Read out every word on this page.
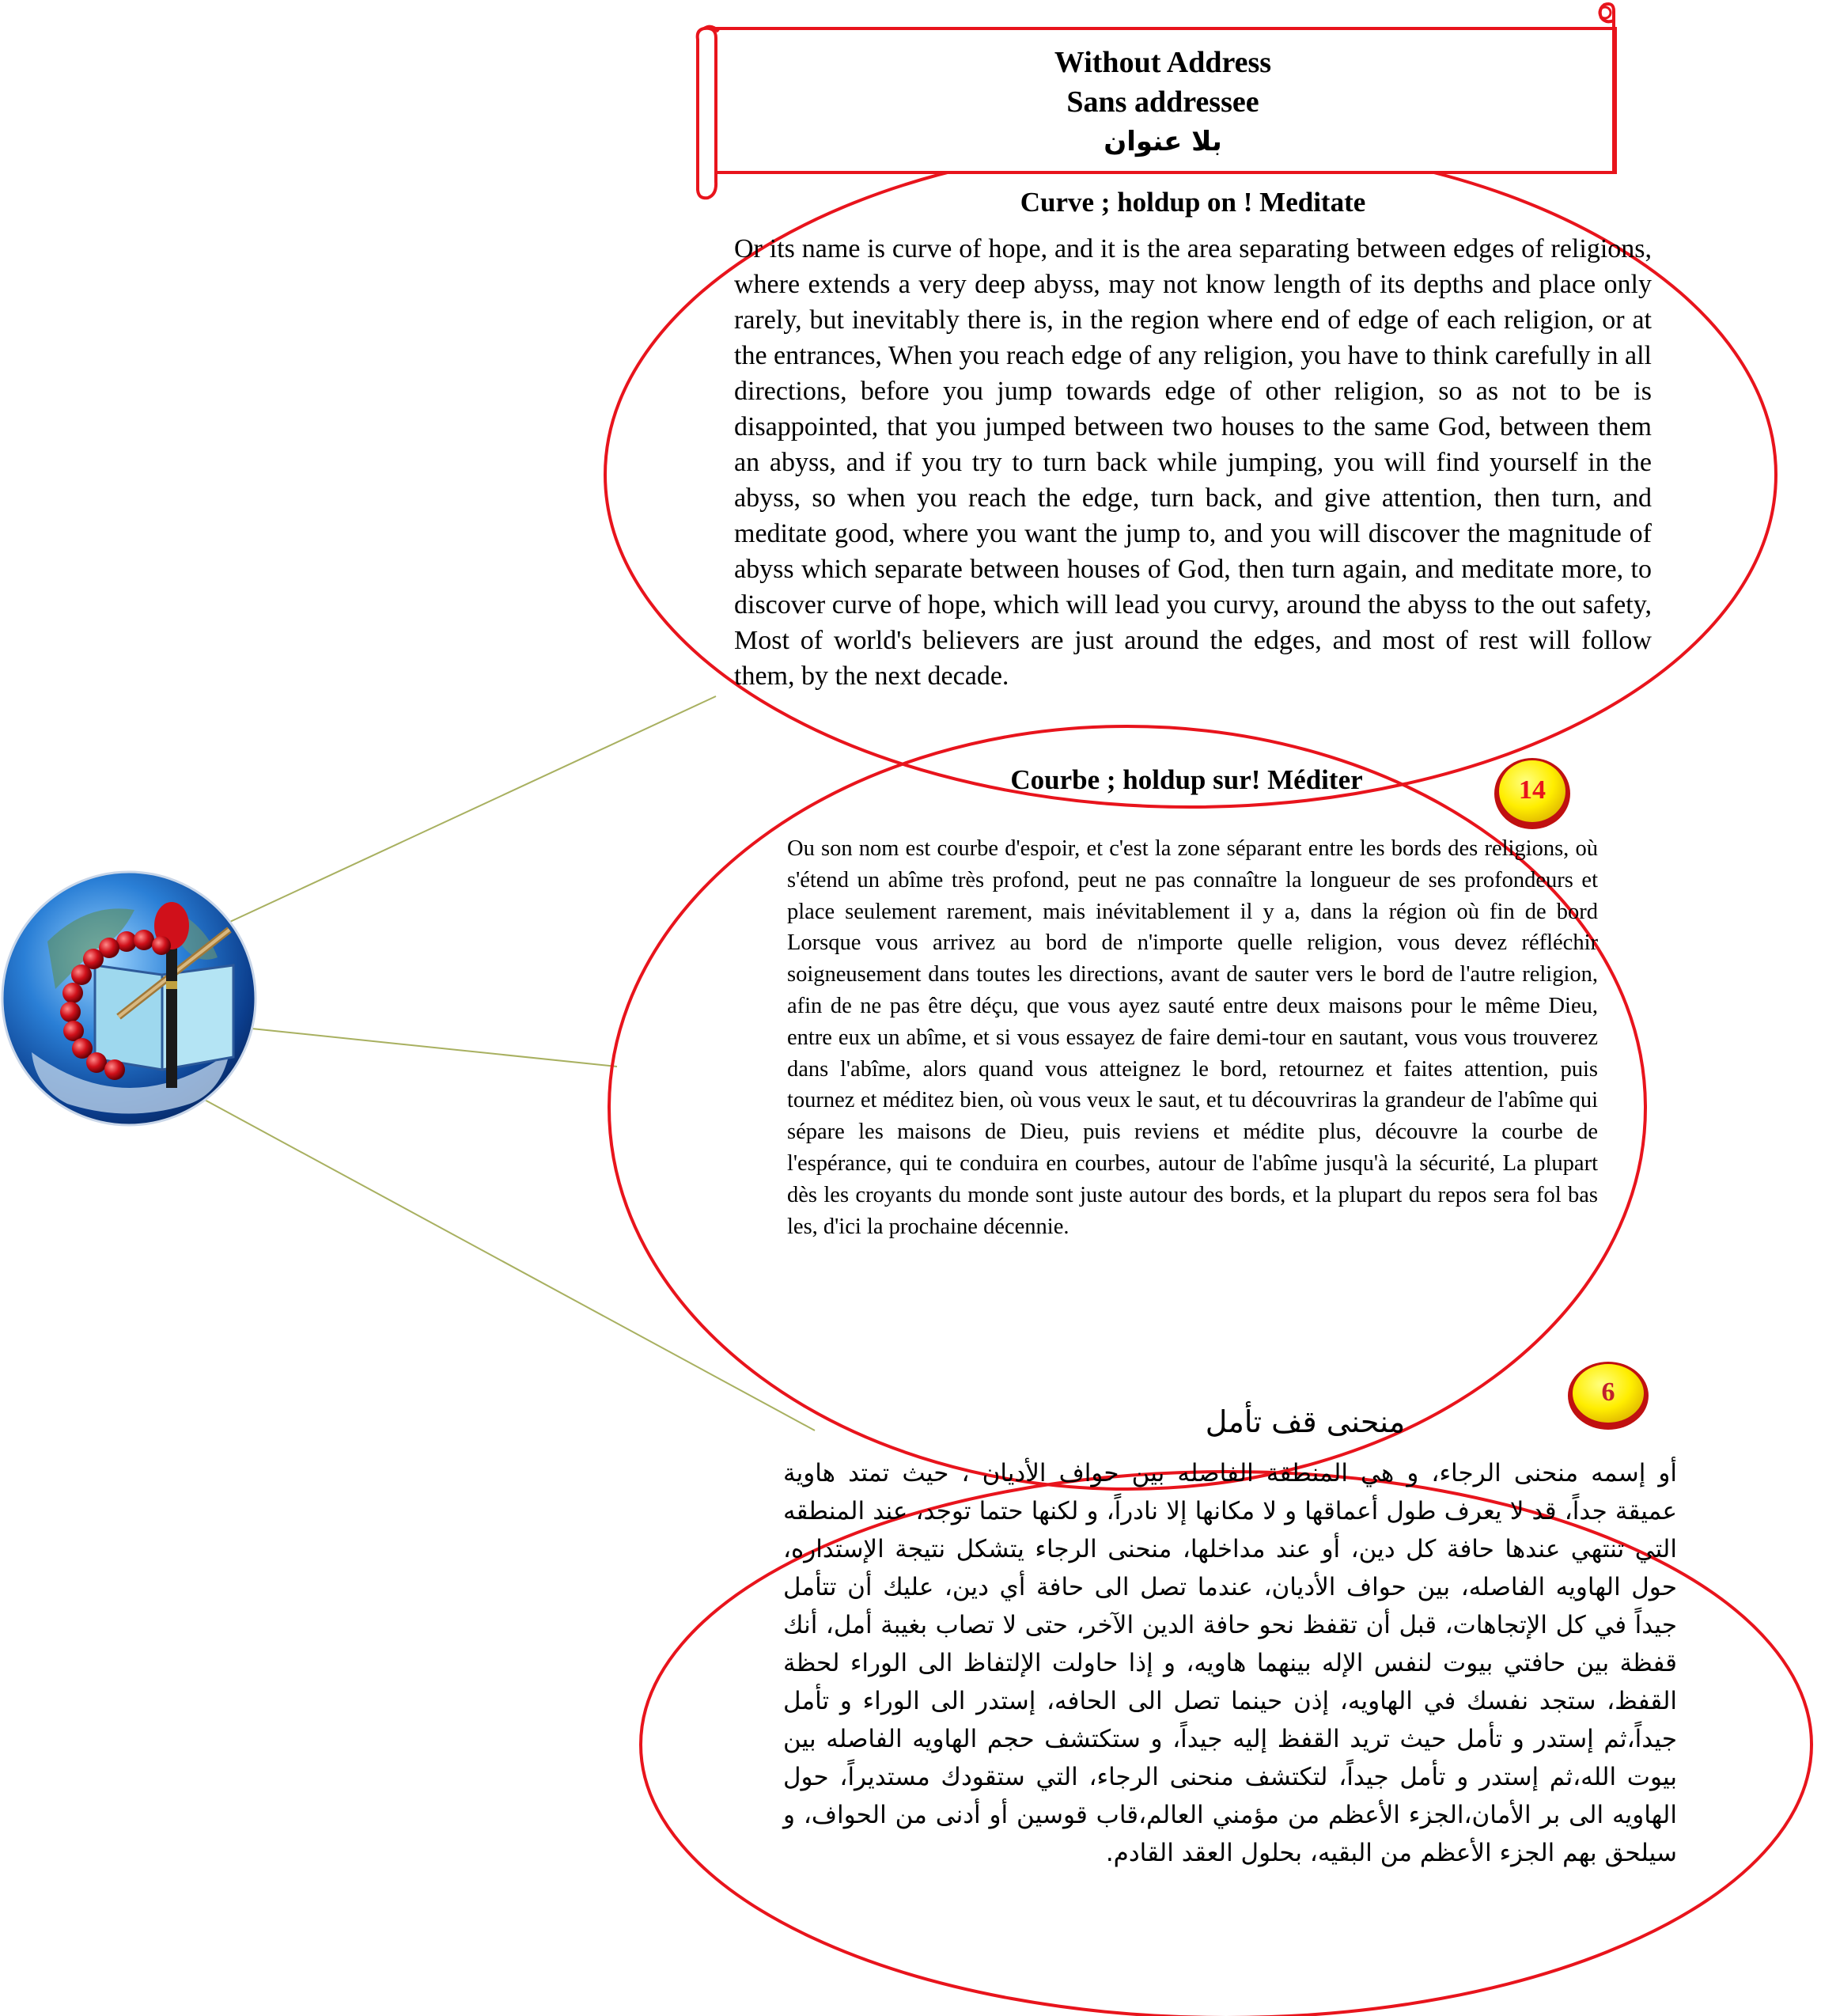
Without Address
Sans addressee
بلا عنوان
Curve ; holdup on ! Meditate
Or its name is curve of hope, and it is the area separating between edges of religions, where extends a very deep abyss, may not know length of its depths and place only rarely, but inevitably there is, in the region where end of edge of each religion, or at the entrances, When you reach edge of any religion, you have to think carefully in all directions, before you jump towards edge of other religion, so as not to be is disappointed, that you jumped between two houses to the same God, between them an abyss, and if you try to turn back while jumping, you will find yourself in the abyss, so when you reach the edge, turn back, and give attention, then turn, and meditate good, where you want the jump to, and you will discover the magnitude of abyss which separate between houses of God, then turn again, and meditate more, to discover curve of hope, which will lead you curvy, around the abyss to the out safety, Most of world's believers are just around the edges, and most of rest will follow them, by the next decade.
Courbe ; holdup sur! Méditer
Ou son nom est courbe d'espoir, et c'est la zone séparant entre les bords des religions, où s'étend un abîme très profond, peut ne pas connaître la longueur de ses profondeurs et place seulement rarement, mais inévitablement il y a, dans la région où fin de bord Lorsque vous arrivez au bord de n'importe quelle religion, vous devez réfléchir soigneusement dans toutes les directions, avant de sauter vers le bord de l'autre religion, afin de ne pas être déçu, que vous ayez sauté entre deux maisons pour le même Dieu, entre eux un abîme, et si vous essayez de faire demi-tour en sautant, vous vous trouverez dans l'abîme, alors quand vous atteignez le bord, retournez et faites attention, puis tournez et méditez bien, où vous veux le saut, et tu découvriras la grandeur de l'abîme qui sépare les maisons de Dieu, puis reviens et médite plus, découvre la courbe de l'espérance, qui te conduira en courbes, autour de l'abîme jusqu'à la sécurité, La plupart dès les croyants du monde sont juste autour des bords, et la plupart du repos sera fol bas les, d'ici la prochaine décennie.
14
منحنى قف تأمل
أو إسمه منحنى الرجاء، و هي المنطقة الفاصله بين حواف الأديان ، حيث تمتد هاوية عميقة جداً، قد لا يعرف طول أعماقها و لا مكانها إلا نادراً، و لكنها حتما توجد، عند المنطقه التي تنتهي عندها حافة كل دين، أو عند مداخلها، منحنى الرجاء يتشكل نتيجة الإستداره، حول الهاويه الفاصله، بين حواف الأديان، عندما تصل الى حافة أي دين، عليك أن تتأمل جيداً في كل الإتجاهات، قبل أن تقفظ نحو حافة الدين الآخر، حتى لا تصاب بغيبة أمل، أنك قفظة بين حافتي بيوت لنفس الإله بينهما هاويه، و إذا حاولت الإلتفاظ الى الوراء لحظة القفظ، ستجد نفسك في الهاويه، إذن حينما تصل الى الحافه، إستدر الى الوراء و تأمل جيداً،ثم إستدر و تأمل حيث تريد القفظ إليه جيداً، و ستكتشف حجم الهاويه الفاصله بين بيوت الله،ثم إستدر و تأمل جيداً، لتكتشف منحنى الرجاء، التي ستقودك مستديراً، حول الهاويه الى بر الأمان،الجزء الأعظم من مؤمني العالم،قاب قوسين أو أدنى من الحواف، و سيلحق بهم الجزء الأعظم من البقيه، بحلول العقد القادم.
6
